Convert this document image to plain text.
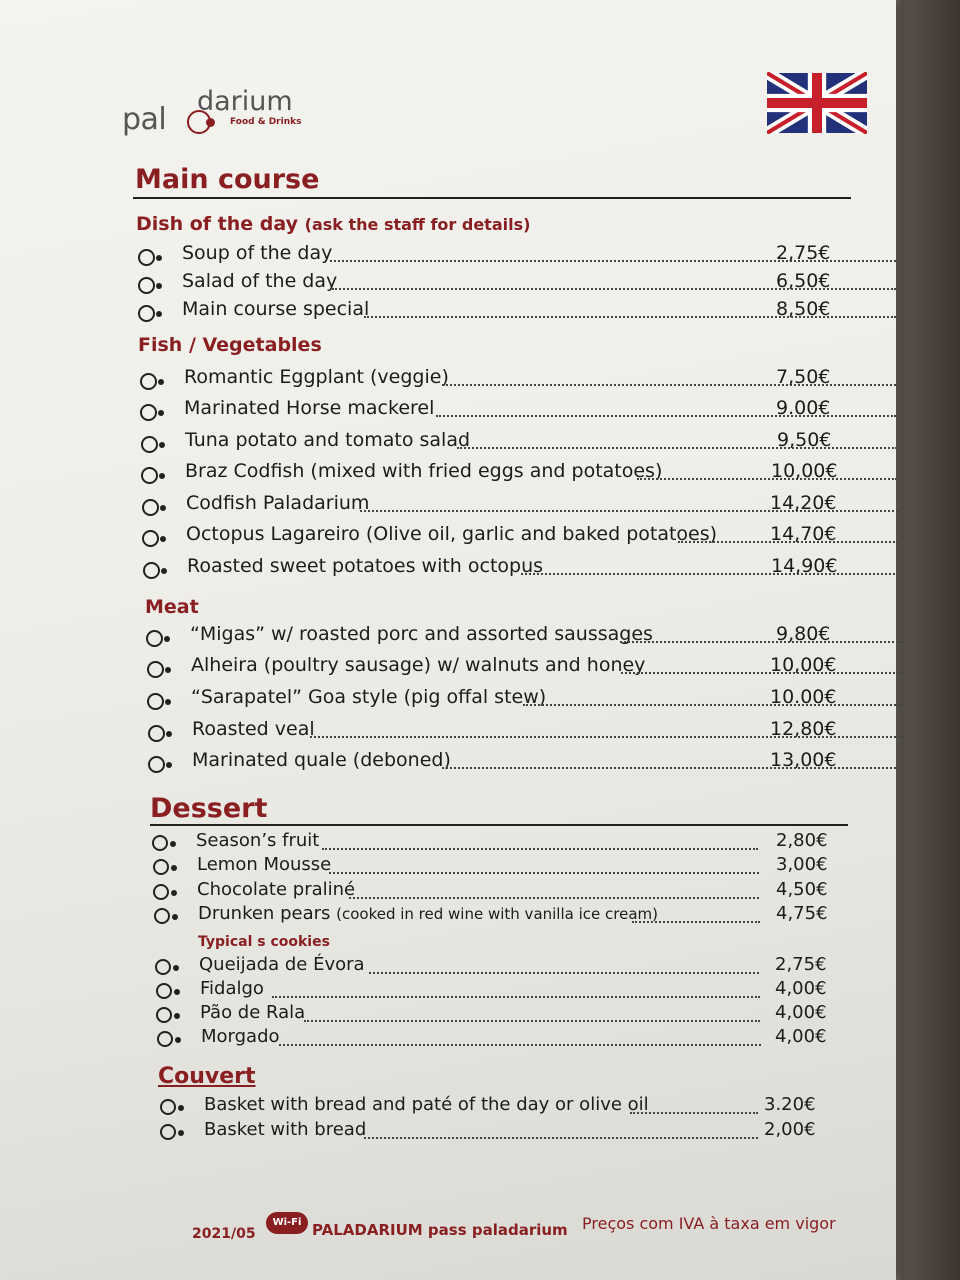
pal
darium
Food & Drinks
Main course
Dish of the day (ask the staff for details)
Soup of the day	2,75€
Salad of the day	6,50€
Main course special	8,50€
Fish / Vegetables
Romantic Eggplant (veggie)	7,50€
Marinated Horse mackerel	9.00€
Tuna potato and tomato salad	9,50€
Braz Codfish (mixed with fried eggs and potatoes)	10,00€
Codfish Paladarium	14,20€
Octopus Lagareiro (Olive oil, garlic and baked potatoes)	14,70€
Roasted sweet potatoes with octopus	14,90€
Meat
“Migas” w/ roasted porc and assorted saussages	9,80€
Alheira (poultry sausage) w/ walnuts and honey	10,00€
“Sarapatel” Goa style (pig offal stew)	10.00€
Roasted veal	12,80€
Marinated quale (deboned)	13,00€
Dessert
Season’s fruit	2,80€
Lemon Mousse	3,00€
Chocolate praliné	4,50€
Drunken pears (cooked in red wine with vanilla ice cream)	4,75€
Typical s cookies
Queijada de Évora	2,75€
Fidalgo	4,00€
Pão de Rala	4,00€
Morgado	4,00€
Couvert
Basket with bread and paté of the day or olive oil	3.20€
Basket with bread	2,00€
2021/05
Wi-Fi PALADARIUM pass paladarium Preços com IVA à taxa em vigor
